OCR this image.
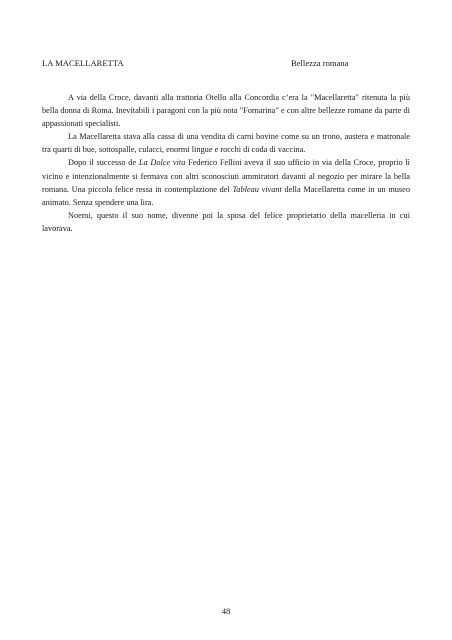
LA MACELLARETTA	Bellezza romana

A via della Croce, davanti alla trattoria Otello alla Concordia c’era la "Macellaretta" ritenuta la più bella donna di Roma. Inevitabili i paragoni con la più nota "Fornarina" e con altre bellezze romane da parte di appassionati specialisti.

La Macellaretta stava alla cassa di una vendita di carni bovine come su un trono, austera e matronale tra quarti di bue, sottospalle, culacci, enormi lingue e rocchi di coda di vaccina.

Dopo il successo de La Dolce vita Federico Fellini aveva il suo ufficio in via della Croce, proprio lì vicino e intenzionalmente si fermava con altri sconosciuti ammiratori davanti al negozio per mirare la bella romana. Una piccola felice ressa in contemplazione del Tableau vivant della Macellaretta come in un museo animato. Senza spendere una lira.

Noemi, questo il suo nome, divenne poi la sposa del felice proprietario della macelleria in cui lavorava.

48
